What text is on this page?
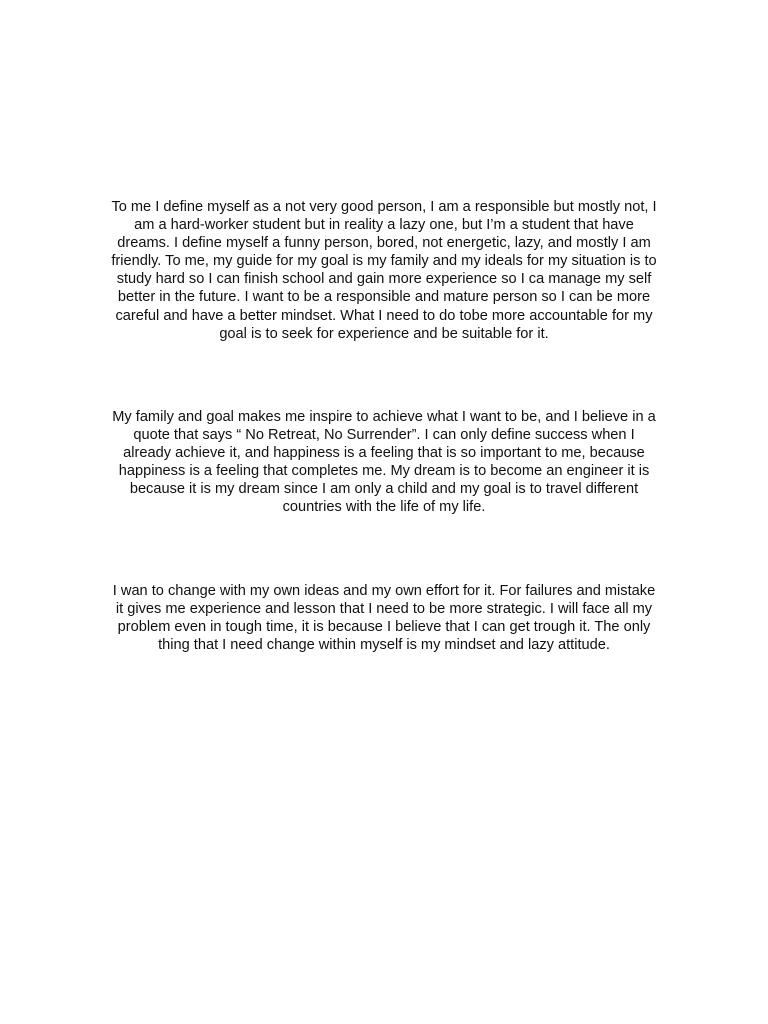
To me I define myself as a not very good person, I am a responsible but mostly not, I
am a hard-worker student but in reality a lazy one, but I’m a student that have
dreams. I define myself a funny person, bored, not energetic, lazy, and mostly I am
friendly. To me, my guide for my goal is my family and my ideals for my situation is to
study hard so I can finish school and gain more experience so I ca manage my self
better in the future. I want to be a responsible and mature person so I can be more
careful and have a better mindset. What I need to do tobe more accountable for my
goal is to seek for experience and be suitable for it.

My family and goal makes me inspire to achieve what I want to be, and I believe in a
quote that says “ No Retreat, No Surrender”. I can only define success when I
already achieve it, and happiness is a feeling that is so important to me, because
happiness is a feeling that completes me. My dream is to become an engineer it is
because it is my dream since I am only a child and my goal is to travel different
countries with the life of my life.

I wan to change with my own ideas and my own effort for it. For failures and mistake
it gives me experience and lesson that I need to be more strategic. I will face all my
problem even in tough time, it is because I believe that I can get trough it. The only
thing that I need change within myself is my mindset and lazy attitude.
